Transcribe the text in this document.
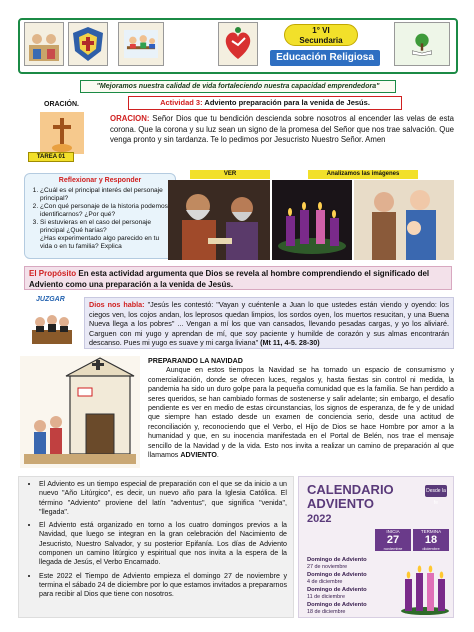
1° VI
Secundaria
Educación Religiosa
"Mejoramos nuestra calidad de vida fortaleciendo nuestra capacidad emprendedora"
ORACIÓN.	Actividad 3: Adviento preparación para la venida de Jesús.
TAREA 01
ORACION: Señor Dios que tu bendición descienda sobre nosotros al encender las velas de esta corona. Que la corona y su luz sean un signo de la promesa del Señor que nos trae salvación. Que venga pronto y sin tardanza. Te lo pedimos por Jesucristo Nuestro Señor. Amen
Reflexionar y Responder
1. ¿Cuál es el principal interés del personaje principal?
2. ¿Con qué personaje de la historia podemos identificarnos? ¿Por qué?
3. Si estuvieras en el caso del personaje principal ¿Qué harías?
¿Has experimentado algo parecido en tu vida o en tu familia? Explica
VER	Analizamos las imágenes
El Propósito En esta actividad argumenta que Dios se revela al hombre comprendiendo el significado del Adviento como una preparación a la venida de Jesús.
JUZGAR
Dios nos habla: "Jesús les contestó: "Vayan y cuéntenle a Juan lo que ustedes están viendo y oyendo: los ciegos ven, los cojos andan, los leprosos quedan limpios, los sordos oyen, los muertos resucitan, y una Buena Nueva llega a los pobres" ... Vengan a mí los que van cansados, llevando pesadas cargas, y yo los aliviaré. Carguen con mi yugo y aprendan de mí, que soy paciente y humilde de corazón y sus almas encontrarán descanso. Pues mi yugo es suave y mi carga liviana" (Mt 11, 4-5. 28-30)
PREPARANDO LA NAVIDAD
Aunque en estos tiempos la Navidad se ha tornado un espacio de consumismo y comercialización, donde se ofrecen luces, regalos y, hasta fiestas sin control ni medida, la pandemia ha sido un duro golpe para la pequeña comunidad que es la familia. Se han perdido a seres queridos, se han cambiado formas de sostenerse y salir adelante; sin embargo, el desafío pendiente es ver en medio de estas circunstancias, los signos de esperanza, de fe y de unidad que siempre han estado desde un examen de conciencia serio, desde una actitud de reconciliación y, reconociendo que el Verbo, el Hijo de Dios se hace Hombre por amor a la humanidad y que, en su inocencia manifestada en el Portal de Belén, nos trae el mensaje sencillo de la Navidad y de la vida. Esto nos invita a realizar un camino de preparación al que llamamos ADVIENTO.
• El Adviento es un tiempo especial de preparación con el que se da inicio a un nuevo "Año Litúrgico", es decir, un nuevo año para la Iglesia Católica. El término "Adviento" proviene del latín "adventus", que significa "venida", "llegada".
• El Adviento está organizado en torno a los cuatro domingos previos a la Navidad, que luego se integran en la gran celebración del Nacimiento de Jesucristo, Nuestro Salvador, y su posterior Epifanía. Los días de Adviento componen un camino litúrgico y espiritual que nos invita a la espera de la llegada de Jesús, el Verbo Encarnado.
• Este 2022 el Tiempo de Adviento empieza el domingo 27 de noviembre y termina el sábado 24 de diciembre por lo que estamos invitados a prepararnos para recibir al Dios que tiene con nosotros.
CALENDARIO
ADVIENTO
2022
Desde la fe
INICIA
27
noviembre
TERMINA
18
diciembre
Domingo de Adviento
27 de noviembre
Domingo de Adviento
4 de diciembre
Domingo de Adviento
11 de diciembre
Domingo de Adviento
18 de diciembre
